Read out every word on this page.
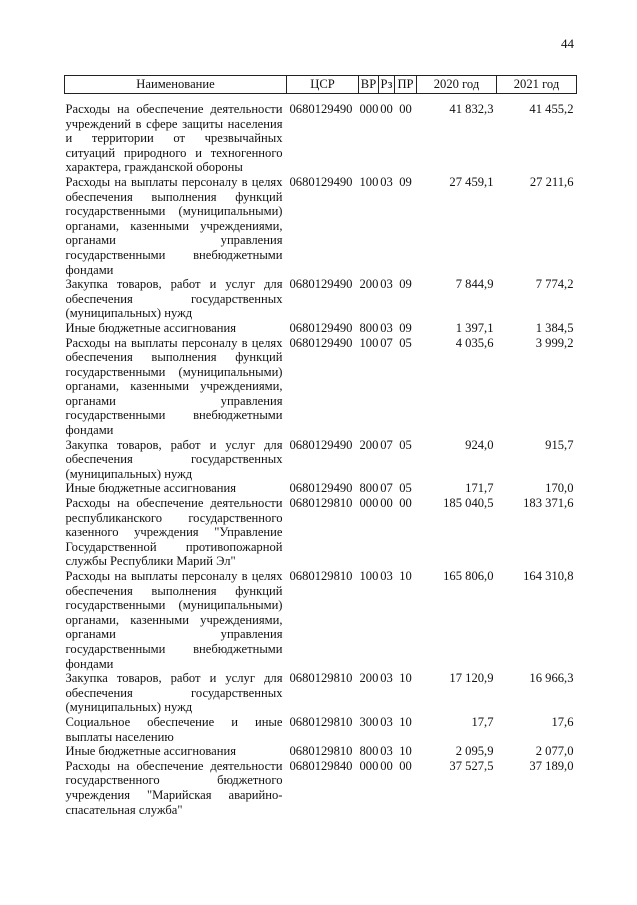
44
Наименование	ЦСР	ВР	Рз	ПР	2020 год	2021 год
Расходы на обеспечение деятельности учреждений в сфере защиты населения и территории от чрезвычайных ситуаций природного и техногенного характера, гражданской обороны	0680129490	000	00	00	41 832,3	41 455,2
Расходы на выплаты персоналу в целях обеспечения выполнения функций государственными (муниципальными) органами, казенными учреждениями, органами управления государственными внебюджетными фондами	0680129490	100	03	09	27 459,1	27 211,6
Закупка товаров, работ и услуг для обеспечения государственных (муниципальных) нужд	0680129490	200	03	09	7 844,9	7 774,2
Иные бюджетные ассигнования	0680129490	800	03	09	1 397,1	1 384,5
Расходы на выплаты персоналу в целях обеспечения выполнения функций государственными (муниципальными) органами, казенными учреждениями, органами управления государственными внебюджетными фондами	0680129490	100	07	05	4 035,6	3 999,2
Закупка товаров, работ и услуг для обеспечения государственных (муниципальных) нужд	0680129490	200	07	05	924,0	915,7
Иные бюджетные ассигнования	0680129490	800	07	05	171,7	170,0
Расходы на обеспечение деятельности республиканского государственного казенного учреждения "Управление Государственной противопожарной службы Республики Марий Эл"	0680129810	000	00	00	185 040,5	183 371,6
Расходы на выплаты персоналу в целях обеспечения выполнения функций государственными (муниципальными) органами, казенными учреждениями, органами управления государственными внебюджетными фондами	0680129810	100	03	10	165 806,0	164 310,8
Закупка товаров, работ и услуг для обеспечения государственных (муниципальных) нужд	0680129810	200	03	10	17 120,9	16 966,3
Социальное обеспечение и иные выплаты населению	0680129810	300	03	10	17,7	17,6
Иные бюджетные ассигнования	0680129810	800	03	10	2 095,9	2 077,0
Расходы на обеспечение деятельности государственного бюджетного учреждения "Марийская аварийно-спасательная служба"	0680129840	000	00	00	37 527,5	37 189,0
